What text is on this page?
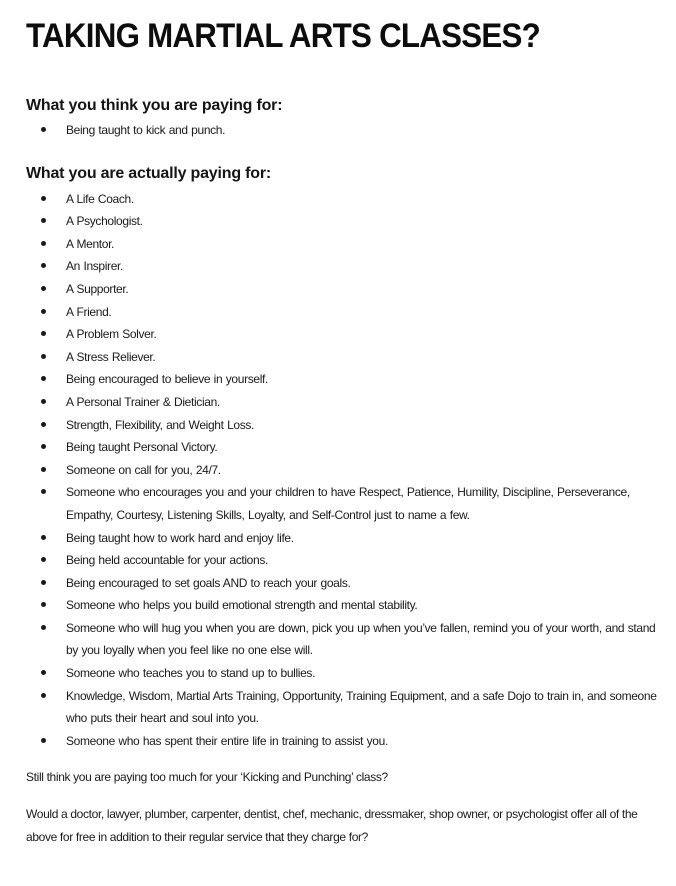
TAKING MARTIAL ARTS CLASSES?
What you think you are paying for:
Being taught to kick and punch.
What you are actually paying for:
A Life Coach.
A Psychologist.
A Mentor.
An Inspirer.
A Supporter.
A Friend.
A Problem Solver.
A Stress Reliever.
Being encouraged to believe in yourself.
A Personal Trainer & Dietician.
Strength, Flexibility, and Weight Loss.
Being taught Personal Victory.
Someone on call for you, 24/7.
Someone who encourages you and your children to have Respect, Patience, Humility, Discipline, Perseverance, Empathy, Courtesy, Listening Skills, Loyalty, and Self-Control just to name a few.
Being taught how to work hard and enjoy life.
Being held accountable for your actions.
Being encouraged to set goals AND to reach your goals.
Someone who helps you build emotional strength and mental stability.
Someone who will hug you when you are down, pick you up when you’ve fallen, remind you of your worth, and stand by you loyally when you feel like no one else will.
Someone who teaches you to stand up to bullies.
Knowledge, Wisdom, Martial Arts Training, Opportunity, Training Equipment, and a safe Dojo to train in, and someone who puts their heart and soul into you.
Someone who has spent their entire life in training to assist you.

Still think you are paying too much for your ‘Kicking and Punching’ class?

Would a doctor, lawyer, plumber, carpenter, dentist, chef, mechanic, dressmaker, shop owner, or psychologist offer all of the above for free in addition to their regular service that they charge for?
